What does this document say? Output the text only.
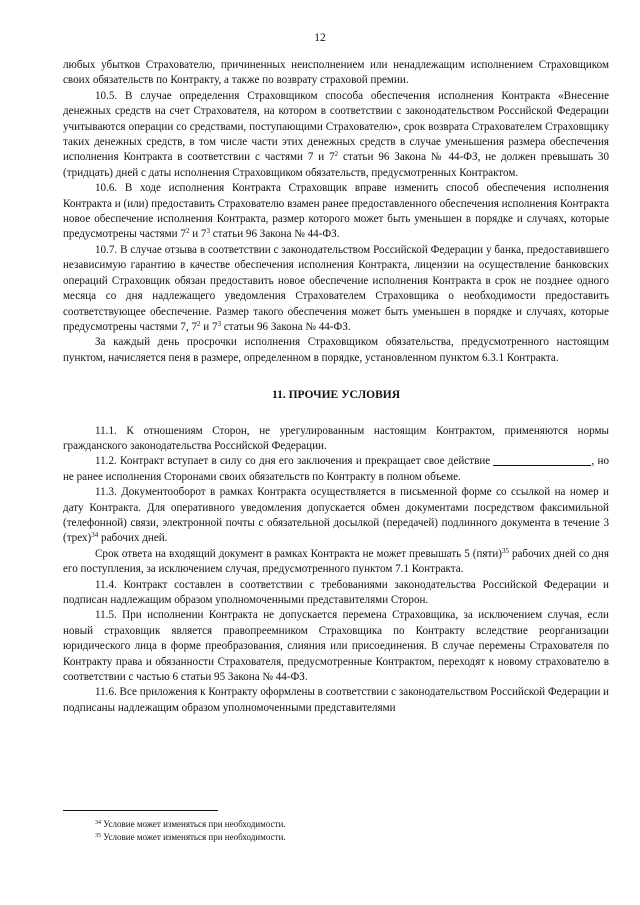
12

любых убытков Страхователю, причиненных неисполнением или ненадлежащим исполнением Страховщиком своих обязательств по Контракту, а также по возврату страховой премии.

10.5. В случае определения Страховщиком способа обеспечения исполнения Контракта «Внесение денежных средств на счет Страхователя, на котором в соответствии с законодательством Российской Федерации учитываются операции со средствами, поступающими Страхователю», срок возврата Страхователем Страховщику таких денежных средств, в том числе части этих денежных средств в случае уменьшения размера обеспечения исполнения Контракта в соответствии с частями 7 и $7^2$ статьи 96 Закона № 44-ФЗ, не должен превышать 30 (тридцать) дней с даты исполнения Страховщиком обязательств, предусмотренных Контрактом.

10.6. В ходе исполнения Контракта Страховщик вправе изменить способ обеспечения исполнения Контракта и (или) предоставить Страхователю взамен ранее предоставленного обеспечения исполнения Контракта новое обеспечение исполнения Контракта, размер которого может быть уменьшен в порядке и случаях, которые предусмотрены частями $7^2$ и $7^3$ статьи 96 Закона № 44-ФЗ.

10.7. В случае отзыва в соответствии с законодательством Российской Федерации у банка, предоставившего независимую гарантию в качестве обеспечения исполнения Контракта, лицензии на осуществление банковских операций Страховщик обязан предоставить новое обеспечение исполнения Контракта в срок не позднее одного месяца со дня надлежащего уведомления Страхователем Страховщика о необходимости предоставить соответствующее обеспечение. Размер такого обеспечения может быть уменьшен в порядке и случаях, которые предусмотрены частями 7, $7^2$ и $7^3$ статьи 96 Закона № 44-ФЗ.

За каждый день просрочки исполнения Страховщиком обязательства, предусмотренного настоящим пунктом, начисляется пеня в размере, определенном в порядке, установленном пунктом 6.3.1 Контракта.

11. ПРОЧИЕ УСЛОВИЯ

11.1. К отношениям Сторон, не урегулированным настоящим Контрактом, применяются нормы гражданского законодательства Российской Федерации.

11.2. Контракт вступает в силу со дня его заключения и прекращает свое действие	, но не ранее исполнения Сторонами своих обязательств по Контракту в полном объеме.

11.3. Документооборот в рамках Контракта осуществляется в письменной форме со ссылкой на номер и дату Контракта. Для оперативного уведомления допускается обмен документами посредством факсимильной (телефонной) связи, электронной почты с обязательной досылкой (передачей) подлинного документа в течение 3 (трех)$^{34}$ рабочих дней.

Срок ответа на входящий документ в рамках Контракта не может превышать 5 (пяти)$^{35}$ рабочих дней со дня его поступления, за исключением случая, предусмотренного пунктом 7.1 Контракта.

11.4. Контракт составлен в соответствии с требованиями законодательства Российской Федерации и подписан надлежащим образом уполномоченными представителями Сторон.

11.5. При исполнении Контракта не допускается перемена Страховщика, за исключением случая, если новый страховщик является правопреемником Страховщика по Контракту вследствие реорганизации юридического лица в форме преобразования, слияния или присоединения. В случае перемены Страхователя по Контракту права и обязанности Страхователя, предусмотренные Контрактом, переходят к новому страхователю в соответствии с частью 6 статьи 95 Закона № 44-ФЗ.

11.6. Все приложения к Контракту оформлены в соответствии с законодательством Российской Федерации и подписаны надлежащим образом уполномоченными представителями

$^{34}$ Условие может изменяться при необходимости.
$^{35}$ Условие может изменяться при необходимости.
